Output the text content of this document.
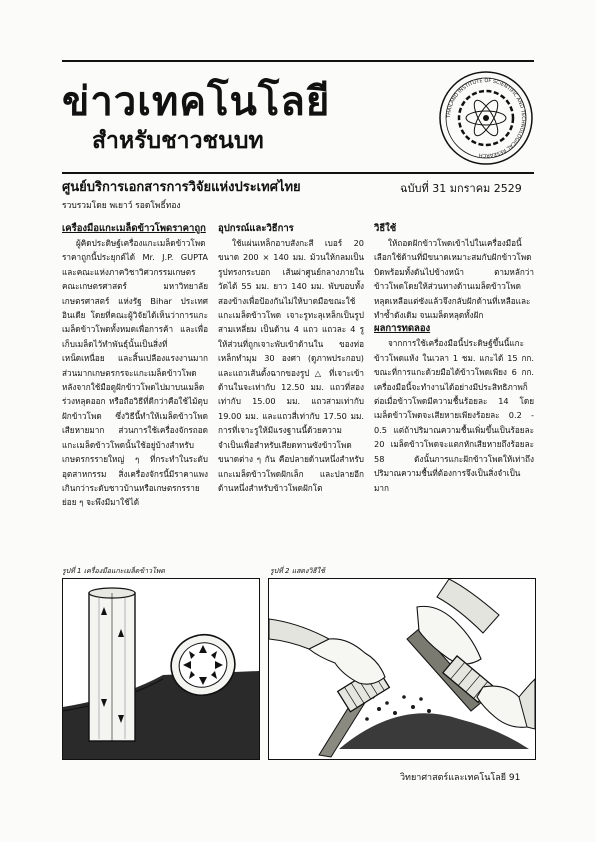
ข่าวเทคโนโลยี
สำหรับชาวชนบท
THAILAND INSTITUTE OF SCIENTIFIC AND TECHNOLOGICAL RESEARCH
ศูนย์บริการเอกสารการวิจัยแห่งประเทศไทย	ฉบับที่ 31 มกราคม 2529
รวบรวมโดย พเยาว์ รอดโพธิ์ทอง
เครื่องมือแกะเมล็ดข้าวโพดราคาถูก

ผู้คิดประดิษฐ์เครื่องแกะเมล็ดข้าวโพดราคาถูกนี้ประยุกต์ได้ Mr. J.P. GUPTA และคณะแห่งภาควิชาวิศวกรรมเกษตร คณะเกษตรศาสตร์ มหาวิทยาลัยเกษตรศาสตร์ แห่งรัฐ Bihar ประเทศอินเดีย โดยที่คณะผู้วิจัยได้เห็นว่าการแกะเมล็ดข้าวโพดทั้งหมดเพื่อการค้า และเพื่อเก็บเมล็ดไว้ทำพันธุ์นั้นเป็นสิ่งที่เหน็ดเหนื่อย และสิ้นเปลืองแรงงานมาก ส่วนมากเกษตรกรจะแกะเมล็ดข้าวโพดหลังจากใช้มือดูฝักข้าวโพดไปมาบนเมล็ดร่วงหลุดออก หรือถือวิธีที่ดีกว่าคือใช้ไม้ตุบฝักข้าวโพด ซึ่งวิธีนี้ทำให้เมล็ดข้าวโพดเสียหายมาก ส่วนการใช้เครื่องจักรถอดแกะเมล็ดข้าวโพดนั้นใช้อยู่บ้างสำหรับเกษตรกรรายใหญ่ ๆ ที่กระทำในระดับอุตสาหกรรม สิ่งเครื่องจักรนี้มีราคาแพงเกินกว่าระดับชาวบ้านหรือเกษตรกรรายย่อย ๆ จะพึงมีมาใช้ได้

อุปกรณ์และวิธีการ

ใช้แผ่นเหล็กอาบสังกะสี เบอร์ 20 ขนาด 200 × 140 มม. ม้วนให้กลมเป็นรูปทรงกระบอก เส้นผ่าศูนย์กลางภายในวัดได้ 55 มม. ยาว 140 มม. พับขอบทั้งสองข้างเพื่อป้องกันไม่ให้บาดมือขณะใช้แกะเมล็ดข้าวโพด เจาะรูทะลุเหล็กเป็นรูปสามเหลี่ยม เป็นด้าน 4 แถว แถวละ 4 รู ให้ส่วนที่ถูกเจาะพับเข้าด้านใน ของท่อเหล็กทำมุม 30 องศา (ดูภาพประกอบ) และแถวเส้นตั้งฉากของรูป △ ที่เจาะเข้าด้านในจะเท่ากับ 12.50 มม. แถวที่สองเท่ากับ 15.00 มม. แถวสามเท่ากับ 19.00 มม. และแถวสี่เท่ากับ 17.50 มม. การที่เจาะรูให้มีแรงฐานนี้ด้วยความจำเป็นเพื่อสำหรับเสียดทานซังข้าวโพดขนาดต่าง ๆ กัน คือปลายด้านหนึ่งสำหรับแกะเมล็ดข้าวโพดฝักเล็ก และปลายอีกด้านหนึ่งสำหรับข้าวโพดฝักโต

วิธีใช้

ให้ถอดฝักข้าวโพดเข้าไปในเครื่องมือนี้ เลือกใช้ด้านที่มีขนาดเหมาะสมกับฝักข้าวโพด บิดพร้อมทั้งดันไปข้างหน้า ตามหลักว่าข้าวโพดโดยให้ส่วนทางด้านเมล็ดข้าวโพดหลุดเหลือแต่ซังแล้วจึงกลับฝักด้านที่เหลือและทำซ้ำดังเดิม จนเมล็ดหลุดทั้งฝัก

ผลการทดลอง

จากการใช้เครื่องมือนี้ประดิษฐ์ขึ้นนี้แกะข้าวโพดแห้ง ในเวลา 1 ชม. แกะได้ 15 กก. ขณะที่การแกะด้วยมือได้ข้าวโพดเพียง 6 กก. เครื่องมือนี้จะทำงานได้อย่างมีประสิทธิภาพก็ต่อเมื่อข้าวโพดมีความชื้นร้อยละ 14 โดยเมล็ดข้าวโพดจะเสียหายเพียงร้อยละ 0.2 - 0.5 แต่ถ้าปริมาณความชื้นเพิ่มขึ้นเป็นร้อยละ 20 เมล็ดข้าวโพดจะแตกหักเสียหายถึงร้อยละ 58 ดังนั้นการแกะฝักข้าวโพดให้เท่าถึงปริมาณความชื้นที่ต้องการจึงเป็นสิ่งจำเป็นมาก

รูปที่ 1 เครื่องมือแกะเมล็ดข้าวโพด	รูปที่ 2 แสดงวิธีใช้
วิทยาศาสตร์และเทคโนโลยี 91
